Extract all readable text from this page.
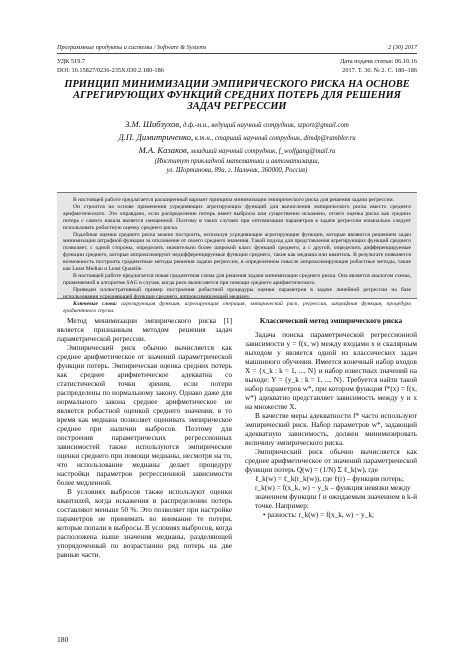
Программные продукты и системы / Software & Systems	2 (30) 2017
УДК 519.7	Дата подачи статьи: 06.10.16
DOI: 10.15827/0236-235X.030.2.180-186	2017. Т. 30. № 2. С. 180–186
ПРИНЦИП МИНИМИЗАЦИИ ЭМПИРИЧЕСКОГО РИСКА НА ОСНОВЕ АГРЕГИРУЮЩИХ ФУНКЦИЙ СРЕДНИХ ПОТЕРЬ ДЛЯ РЕШЕНИЯ ЗАДАЧ РЕГРЕССИИ
З.М. Шибзухов, д.ф.-м.н., ведущий научный сотрудник, szport@gmail.com
Д.П. Димитриченко, к.т.н., старший научный сотрудник, dimdp@rambler.ru
М.А. Казаков, младший научный сотрудник, f_wolfgang@mail.ru
(Институт прикладной математики и автоматизации,
ул. Шортанова, 89а, г. Нальчик, 360000, Россия)

В настоящей работе предлагается расширенный вариант принципа минимизации эмпирического риска для решения задачи регрессии.

Он строится на основе применения усредняющих агрегирующих функций для вычисления эмпирического риска вместо среднего арифметического. Это оправдано, если распределение потерь имеет выбросы или существенно искажено, отчего оценка риска как средних потерь с самого начала является смещенной. Поэтому в таких случаях при оптимизации параметров в задаче регрессии изначально следует использовать робастную оценку среднего риска.

Подобные оценки среднего риска можно построить, используя усредняющие агрегирующие функции, которые являются решением задач минимизации штрафной функции за отклонение от своего среднего значения. Такой подход для представления агрегирующих функций среднего позволяет, с одной стороны, определить значительно более широкий класс функций среднего, а с другой, определить дифференцируемые функции среднего, которые аппроксимируют недифференцируемые функции среднего, такие как медиана или квантиль. В результате появляется возможность построить градиентные методы решения задачи регрессии, в определенном смысле аппроксимирующие робастные методы, такие как Least Median и Least Quantile.

В настоящей работе предлагается новая градиентная схема для решения задачи минимизации среднего риска. Она является аналогом схемы, применяемой в алгоритме SAG в случае, когда риск вычисляется при помощи среднего арифметического.

Приведен иллюстративный пример построения робастной процедуры оценки параметров в задаче линейной регрессии на базе использования усредняющей функции среднего, аппроксимирующей медиану.

Ключевые слова: агрегирующая функция, агрегирующая операция, эмпирический риск, регрессия, штрафная функция, процедура градиентного спуска.

Метод минимизации эмпирического риска [1] является признанным методом решения задач параметрической регрессии.

Эмпирический риск обычно вычисляется как среднее арифметическое от значений параметрической функции потерь. Эмпирическая оценка средних потерь как среднее арифметическое адекватна со статистической точки зрения, если потери распределены по нормальному закону. Однако даже для нормального закона среднее арифметическое не является робастной оценкой среднего значения, в то время как медиана позволяет оценивать эмпирическое среднее при наличии выбросов. Поэтому для построения параметрических регрессионных зависимостей также используются эмпирические оценки среднего при помощи медианы, несмотря на то, что использование медианы делает процедуру настройки параметров регрессионной зависимости более медленной.

В условиях выбросов также используют оценки квантилей, когда искажения в распределении потерь составляют меньше 50 %. Это позволяет при настройке параметров не принимать во внимание те потери, которые попали в выбросы. В условиях выбросов, когда расположена выше значения медианы, разделяющей упорядоченный по возрастанию ряд потерь на две равные части.

Классический метод эмпирического риска

Задача поиска параметрической регрессионной зависимости y = f(x, w) между входами x и скалярным выходом y является одной из классических задач машинного обучения. Имеется конечный набор входов X = {x_k : k = 1, ..., N} и набор известных значений на выходе: Y = {y_k : k = 1, ..., N}. Требуется найти такой набор параметров w*, при котором функция f*(x) = f(x, w*) адекватно представляет зависимость между y и x на множестве X.

В качестве меры адекватности f* часто используют эмпирический риск. Набор параметров w*, задающий адекватную зависимость, должен минимизировать величину эмпирического риска.

Эмпирический риск обычно вычисляется как среднее арифметическое от значений параметрической функции потерь Q(w) = (1/N) Σ ℓ_k(w), где

ℓ_k(w) = ℓ_k(r_k(w)), где ℓ(r) – функция потерь;

r_k(w) = f(x_k, w) − y_k – функция невязки между

значением функции f и ожидаемым значением в k-й точке. Например:

• разность: r_k(w) = f(x_k, w) − y_k;

180
